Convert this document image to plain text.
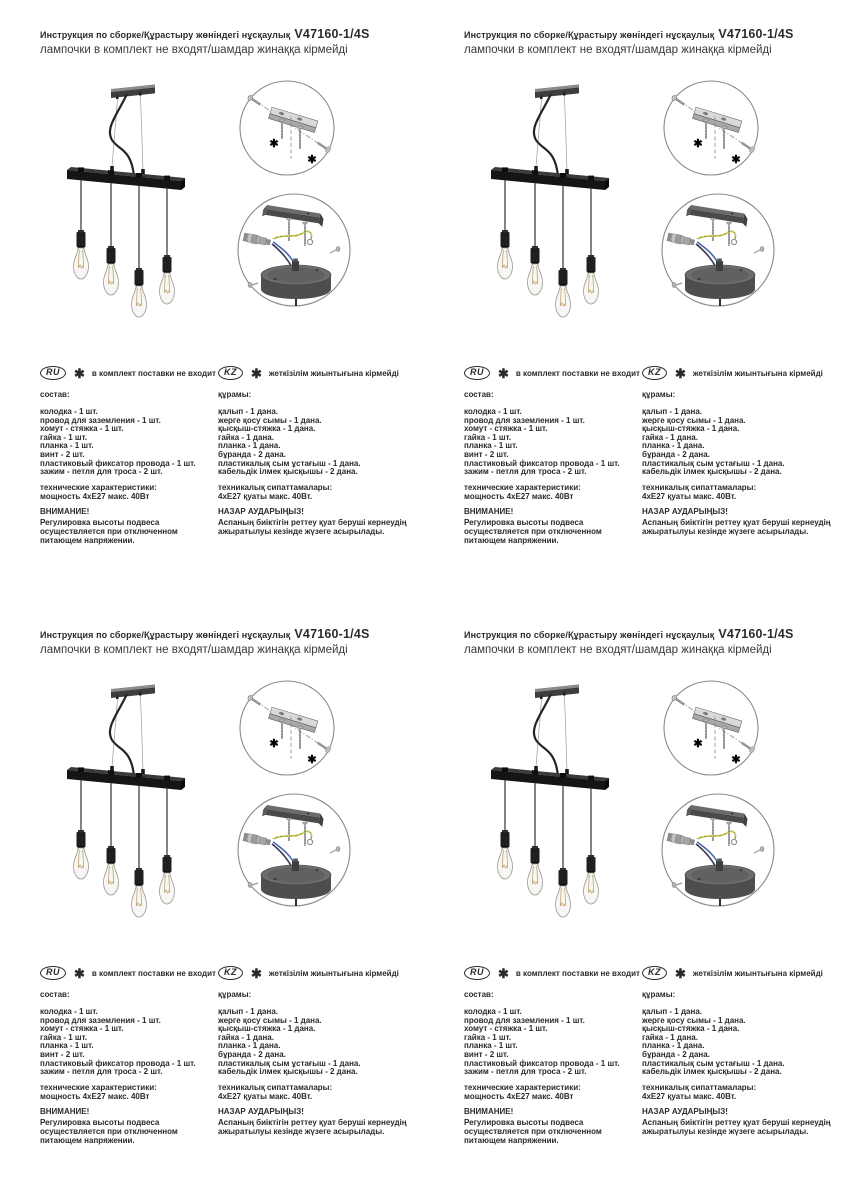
Инструкция по сборке/Құрастыру жөніндегі нұсқаулық V47160-1/4S
лампочки в комплект не входят/шамдар жинаққа кірмейді
RU	✱ в комплект поставки не входит
состав:
колодка - 1 шт.
провод для заземления - 1 шт.
хомут - стяжка - 1 шт.
гайка - 1 шт.
планка - 1 шт.
винт - 2 шт.
пластиковый фиксатор провода - 1 шт.
зажим - петля для троса - 2 шт.
технические характеристики:
мощность 4хЕ27 макс. 40Вт
ВНИМАНИЕ!
Регулировка высоты подвеса осуществляется при отключенном питающем напряжении.
KZ	✱ жеткізілім жиынтығына кірмейді
құрамы:
қалып - 1 дана.
жерге қосу сымы - 1 дана.
қысқыш-стяжка - 1 дана.
гайка - 1 дана.
планка - 1 дана.
бұранда - 2 дана.
пластикалық сым ұстағыш - 1 дана.
кабельдік ілмек қысқышы - 2 дана.
техникалық сипаттамалары:
4хЕ27 қуаты макс. 40Вт.
НАЗАР АУДАРЫҢЫЗ!
Аспаның биіктігін реттеу қуат беруші кернеудің ажыратылуы кезінде жүзеге асырылады.
Инструкция по сборке/Құрастыру жөніндегі нұсқаулық V47160-1/4S
лампочки в комплект не входят/шамдар жинаққа кірмейді
RU	✱ в комплект поставки не входит
состав:
колодка - 1 шт.
провод для заземления - 1 шт.
хомут - стяжка - 1 шт.
гайка - 1 шт.
планка - 1 шт.
винт - 2 шт.
пластиковый фиксатор провода - 1 шт.
зажим - петля для троса - 2 шт.
технические характеристики:
мощность 4хЕ27 макс. 40Вт
ВНИМАНИЕ!
Регулировка высоты подвеса осуществляется при отключенном питающем напряжении.
KZ	✱ жеткізілім жиынтығына кірмейді
құрамы:
қалып - 1 дана.
жерге қосу сымы - 1 дана.
қысқыш-стяжка - 1 дана.
гайка - 1 дана.
планка - 1 дана.
бұранда - 2 дана.
пластикалық сым ұстағыш - 1 дана.
кабельдік ілмек қысқышы - 2 дана.
техникалық сипаттамалары:
4хЕ27 қуаты макс. 40Вт.
НАЗАР АУДАРЫҢЫЗ!
Аспаның биіктігін реттеу қуат беруші кернеудің ажыратылуы кезінде жүзеге асырылады.
Инструкция по сборке/Құрастыру жөніндегі нұсқаулық V47160-1/4S
лампочки в комплект не входят/шамдар жинаққа кірмейді
RU	✱ в комплект поставки не входит
состав:
колодка - 1 шт.
провод для заземления - 1 шт.
хомут - стяжка - 1 шт.
гайка - 1 шт.
планка - 1 шт.
винт - 2 шт.
пластиковый фиксатор провода - 1 шт.
зажим - петля для троса - 2 шт.
технические характеристики:
мощность 4хЕ27 макс. 40Вт
ВНИМАНИЕ!
Регулировка высоты подвеса осуществляется при отключенном питающем напряжении.
KZ	✱ жеткізілім жиынтығына кірмейді
құрамы:
қалып - 1 дана.
жерге қосу сымы - 1 дана.
қысқыш-стяжка - 1 дана.
гайка - 1 дана.
планка - 1 дана.
бұранда - 2 дана.
пластикалық сым ұстағыш - 1 дана.
кабельдік ілмек қысқышы - 2 дана.
техникалық сипаттамалары:
4хЕ27 қуаты макс. 40Вт.
НАЗАР АУДАРЫҢЫЗ!
Аспаның биіктігін реттеу қуат беруші кернеудің ажыратылуы кезінде жүзеге асырылады.
Инструкция по сборке/Құрастыру жөніндегі нұсқаулық V47160-1/4S
лампочки в комплект не входят/шамдар жинаққа кірмейді
RU	✱ в комплект поставки не входит
состав:
колодка - 1 шт.
провод для заземления - 1 шт.
хомут - стяжка - 1 шт.
гайка - 1 шт.
планка - 1 шт.
винт - 2 шт.
пластиковый фиксатор провода - 1 шт.
зажим - петля для троса - 2 шт.
технические характеристики:
мощность 4хЕ27 макс. 40Вт
ВНИМАНИЕ!
Регулировка высоты подвеса осуществляется при отключенном питающем напряжении.
KZ	✱ жеткізілім жиынтығына кірмейді
құрамы:
қалып - 1 дана.
жерге қосу сымы - 1 дана.
қысқыш-стяжка - 1 дана.
гайка - 1 дана.
планка - 1 дана.
бұранда - 2 дана.
пластикалық сым ұстағыш - 1 дана.
кабельдік ілмек қысқышы - 2 дана.
техникалық сипаттамалары:
4хЕ27 қуаты макс. 40Вт.
НАЗАР АУДАРЫҢЫЗ!
Аспаның биіктігін реттеу қуат беруші кернеудің ажыратылуы кезінде жүзеге асырылады.
